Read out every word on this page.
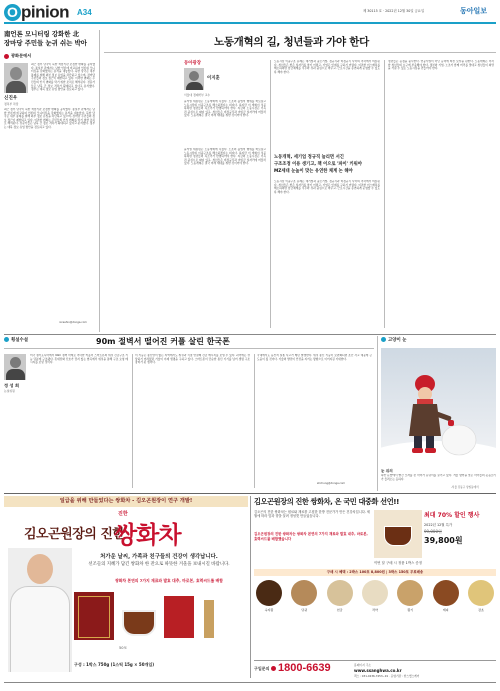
O pinion A34	제 30115 호 · 2022년 12월 30일 금요일	동아일보
南언론 모니터링 강화한 北
장마당 주민들 눈귀 쉬는 박아
광화문에서
신진우
정치부 차장
최근 정부 당국이 북한 책임기관 조정한 변화를 공지했다. 통일부 관계자는 남한 언론에 비교하여 언론의 모니터링을 강화했다는 분석을 내놓았다. 북한 당국은 내부 통제를 위해 외부 정보 유입을 차단하고 있으며, 장마당 주민들의 정보 접근이 제한되고 있다. 이러한 변화는 주민들의 인식 변화를 막기 위한 조치로 해석된다. 전문가들은 남북 간 정보 격차가 확대되고 있다고 분석했다. 정부는 대북 정보 유입 방안을 검토하고 있다.
최근 정부 당국이 북한 책임기관 조정한 변화를 공지했다. 통일부 관계자는 남한 언론에 비교하여 언론의 모니터링을 강화했다는 분석을 내놓았다. 북한 당국은 내부 통제를 위해 외부 정보 유입을 차단하고 있으며, 장마당 주민들의 정보 접근이 제한되고 있다. 이러한 변화는 주민들의 인식 변화를 막기 위한 조치로 해석된다. 전문가들은 남북 간 정보 격차가 확대되고 있다고 분석했다. 정부는 대북 정보 유입 방안을 검토하고 있다.
niceshin@donga.com
노동개혁의 길, 청년들과 가야 한다
동아광장
이지훈
서울대 경제학부 교수
윤석열 대통령은 노동개혁에 나섰다. 노조의 불법적 행위를 바로잡고 노동시장의 이중구조를 해소하겠다는 의지다. 하지만 이 개혁이 성공하려면 청년들의 목소리가 반영되어야 한다. 지금의 노동시장은 기득권 중심으로 짜여 있고, 청년들은 비정규직과 저임금 일자리에 머물러 있다. 노동개혁은 결국 미래 세대를 위한 것이어야 한다.
윤석열 대통령은 노동개혁에 나섰다. 노조의 불법적 행위를 바로잡고 노동시장의 이중구조를 해소하겠다는 의지다. 하지만 이 개혁이 성공하려면 청년들의 목소리가 반영되어야 한다. 지금의 노동시장은 기득권 중심으로 짜여 있고, 청년들은 비정규직과 저임금 일자리에 머물러 있다. 노동개혁은 결국 미래 세대를 위한 것이어야 한다.
노동시장 이중구조 문제는 대기업과 중소기업, 정규직과 비정규직 사이의 격차에서 비롯된다. 청년들은 좋은 일자리를 찾기 어렵고, 기업은 인재를 구하기 어렵다. 이러한 미스매치를 해소하려면 임금체계를 직무와 성과 중심으로 바꾸고, 근로시간을 유연하게 운영할 수 있도록 해야 한다.
노동개혁, 세기업 정규직 늘리면 서긴
구조조정 이용 생기고, 책 이으로 '파이' 키워야
MZ세대 눈높이 맞는 유연한 체계 논 해야
노동시장 이중구조 문제는 대기업과 중소기업, 정규직과 비정규직 사이의 격차에서 비롯된다. 청년들은 좋은 일자리를 찾기 어렵고, 기업은 인재를 구하기 어렵다. 이러한 미스매치를 해소하려면 임금체계를 직무와 성과 중심으로 바꾸고, 근로시간을 유연하게 운영할 수 있도록 해야 한다.
청년들은 공정을 중시한다. 연공서열이 아닌 능력에 따른 보상을 원한다. 노동개혁은 이러한 청년들의 요구에 부응해야 한다. 정부와 기업, 노조가 함께 머리를 맞대고 청년들이 희망을 가질 수 있는 노동시장을 만들어야 한다.
횡설수설	90m 절벽서 떨어진 커플 살린 한국폰
정 성 희
논설위원
미국 캘리포니아에서 90m 절벽 아래로 추락한 커플이 스마트폰의 위성 긴급구조 기능 덕분에 구조됐다. 휴대전화 신호가 닿지 않는 협곡에서 위성을 통해 구조 요청 메시지를 보낸 것이다.
이 기능은 통신망이 없는 지역에서도 위성과 직접 연결해 긴급 메시지를 보낼 수 있다. 과거에는 상상하기 어려웠던 기술이 이제 생명을 구하고 있다. 스마트폰이 단순한 통신 기기를 넘어 생명 구조 장비가 된 셈이다.
국내에서도 등산객 실종 사고가 매년 발생한다. 위성 통신 기능이 보편화되면 조난 사고 대응에 큰 도움이 될 것이다. 기술의 발전이 안전을 지키는 방향으로 이어지길 기대한다.
shchung@donga.com
고양이 눈
눈 위의
하얀 눈밭에서 빨간 모자를 쓴 아이가 눈덩이를 굴리고 있다. 겨울 방학을 맞은 아이들의 웃음소리가 들려오는 듯하다.
-서울 강동구 상일동에서
일급을 위해 만들었다는 쌍화차 - 김오곤원장이 연구 개발!
김오곤원장의 진한
진한
쌍화차
처가운 날씨, 가족과 친구들의 건강이 생각납니다.
선조들의 지혜가 담긴 쌍화차 한 잔으로 따뜻한 겨울을 보내시길 바랍니다.
쌍화차 본연의 7가지 재료와 발효 대추, 마로본, 효력씨드를 배합
50포
구성 : 1박스 750g (1스틱 15g × 50개입)
김오곤원장의 진한 쌍화차, 온 국민 대중화 선언!!
김오곤의 진한 쌍화차는 원료와 재료를 고집한 한방 전문가가 만든 건강차입니다. 세월에 따라 맛과 향을 살려 정성껏 만들었습니다.
김오곤원장의 진한 쌍화차는 쌍화차 본연의 7가지 재료와 발효 대추, 마로본, 효력씨드를 배합했습니다
최대 70% 할인 행사
2022년 12월 특가
99,000원
39,800원
이번 달 구매 시 정품 1박스 증정
구매 시 혜택 : 2박스 100포 8,800원 | 3박스 150포 무료배송
숙지황	당귀	천궁	작약	황기	계피	감초
구입문의 1800-6639	홈페이지 주소
www.ssanghwa.co.kr
팩스 : 031-0236-7453~91 · 운영기관 : 한스헬스케어
